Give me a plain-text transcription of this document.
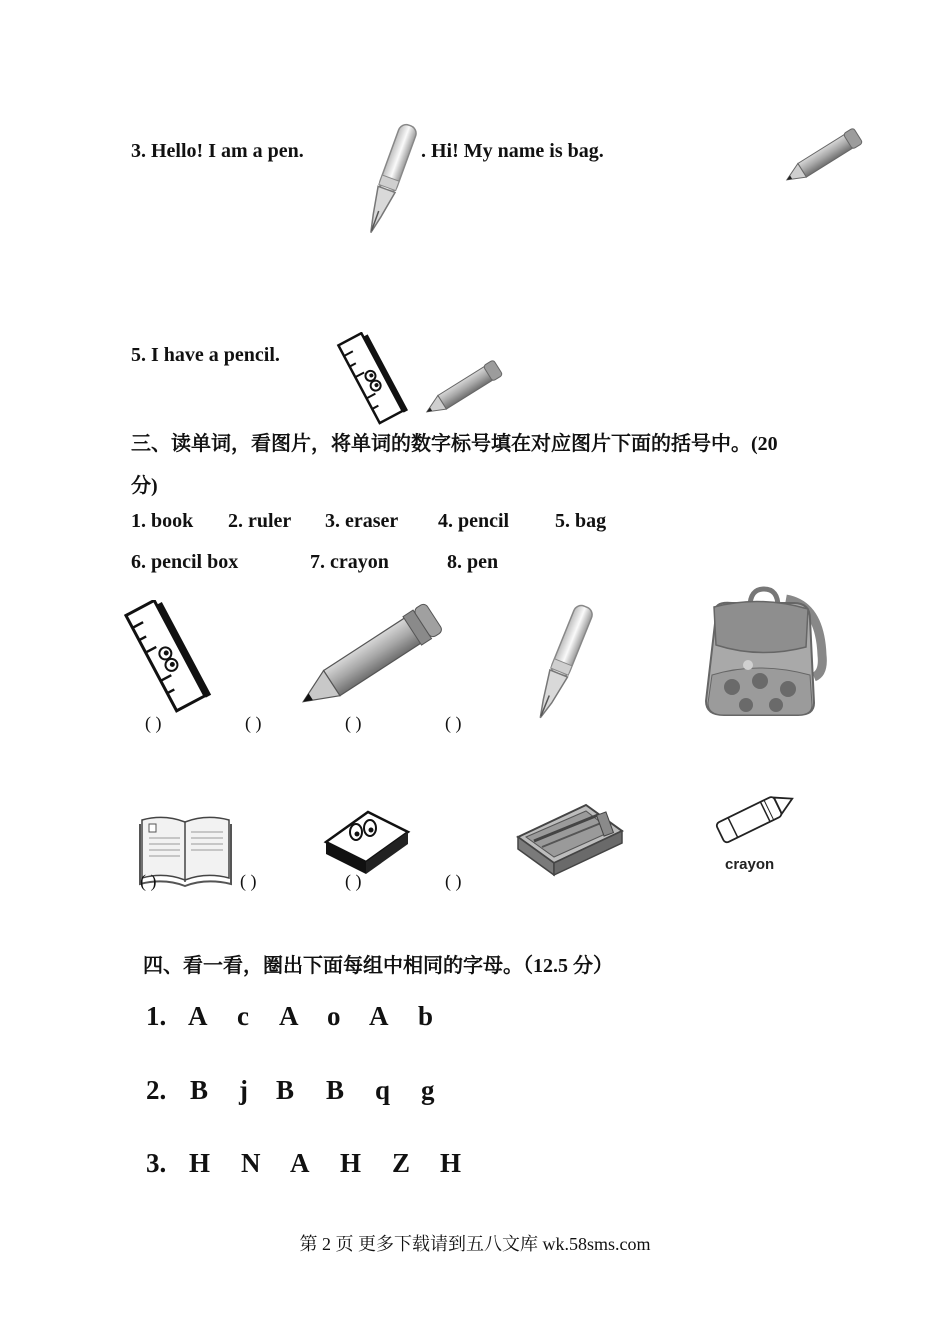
3. Hello! I am a pen.	. Hi! My name is bag.
5. I have a pencil.
三、读单词，看图片，将单词的数字标号填在对应图片下面的括号中。(20
分)
1. book 2. ruler 3. eraser 4. pencil 5. bag
6. pencil box	7. crayon	8. pen
( )	( )	( )	( )
crayon
( )	( )	( )	( )
四、看一看，圈出下面每组中相同的字母。（12.5 分）
1. A c A o A b
2. B j B B q g
3. H N A H Z H
第 2 页 更多下载请到五八文库 wk.58sms.com
